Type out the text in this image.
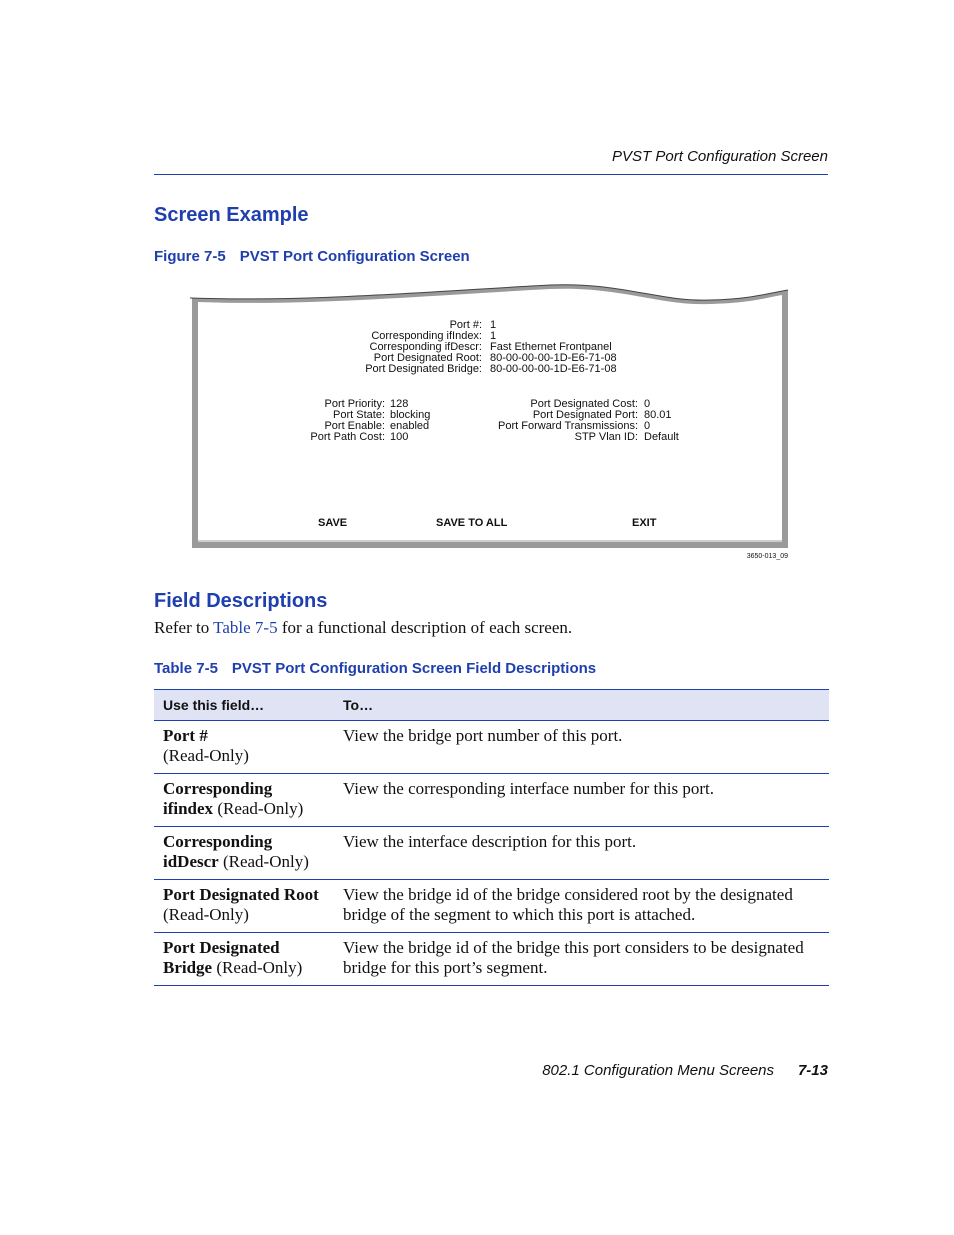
PVST Port Configuration Screen
Screen Example
Figure 7-5 PVST Port Configuration Screen
Port #: 1
Corresponding ifIndex: 1
Corresponding ifDescr: Fast Ethernet Frontpanel
Port Designated Root: 80-00-00-00-1D-E6-71-08
Port Designated Bridge: 80-00-00-00-1D-E6-71-08
Port Priority: 128
Port State: blocking
Port Enable: enabled
Port Path Cost: 100
Port Designated Cost: 0
Port Designated Port: 80.01
Port Forward Transmissions: 0
STP Vlan ID: Default
SAVE	SAVE TO ALL	EXIT
3650-013_09
Field Descriptions
Refer to Table 7-5 for a functional description of each screen.
Table 7-5 PVST Port Configuration Screen Field Descriptions
Use this field…	To…
Port #
(Read-Only)	View the bridge port number of this port.
Corresponding ifindex (Read-Only)	View the corresponding interface number for this port.
Corresponding idDescr (Read-Only)	View the interface description for this port.
Port Designated Root
(Read-Only)	View the bridge id of the bridge considered root by the designated bridge of the segment to which this port is attached.
Port Designated Bridge (Read-Only)	View the bridge id of the bridge this port considers to be designated bridge for this port’s segment.
802.1 Configuration Menu Screens 7-13
